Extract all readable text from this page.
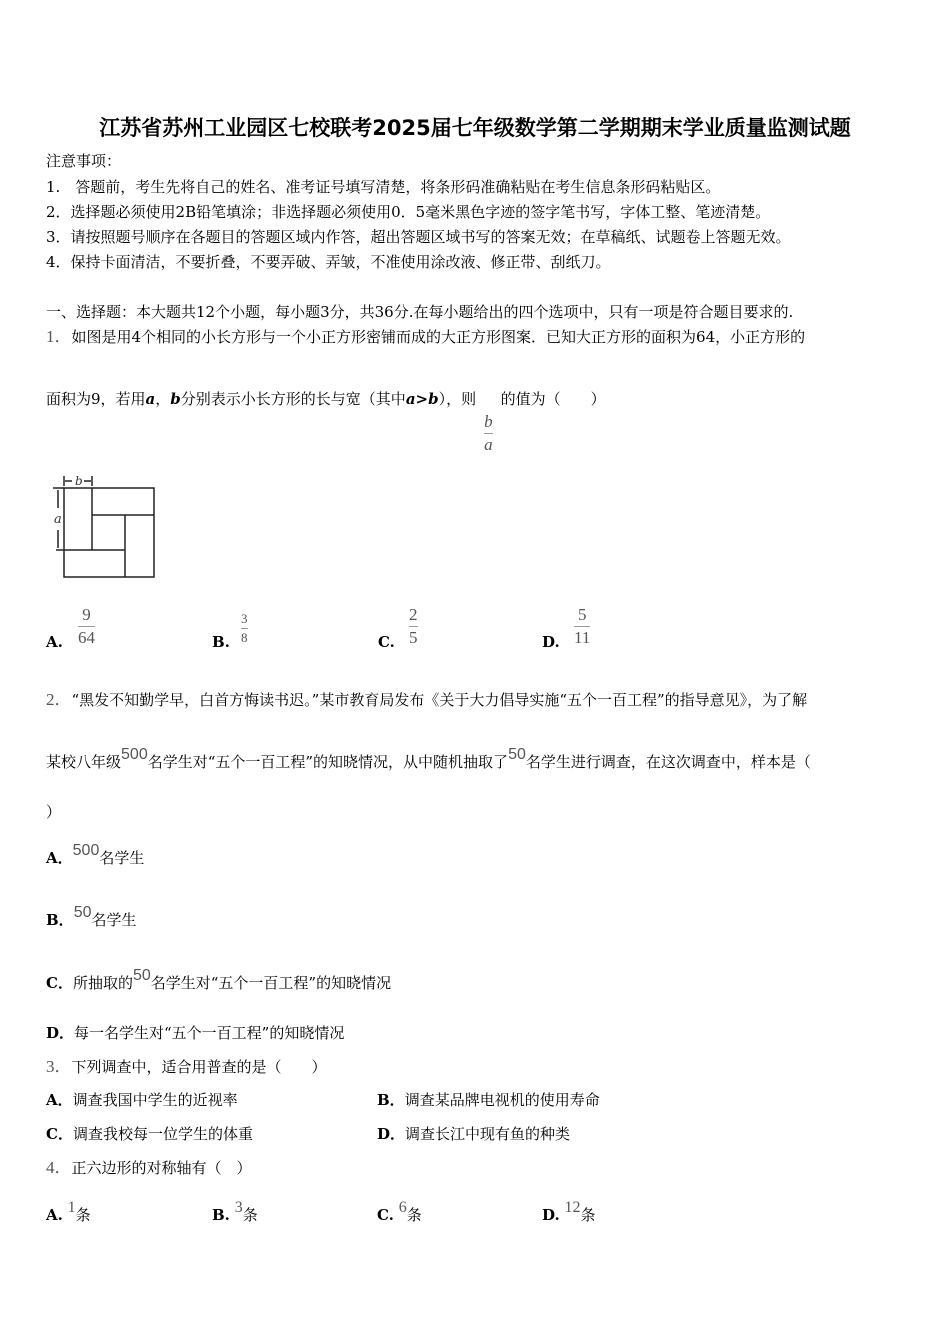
江苏省苏州工业园区七校联考2025届七年级数学第二学期期末学业质量监测试题
注意事项：
1.　答题前，考生先将自己的姓名、准考证号填写清楚，将条形码准确粘贴在考生信息条形码粘贴区。
2．选择题必须使用2B铅笔填涂；非选择题必须使用0．5毫米黑色字迹的签字笔书写，字体工整、笔迹清楚。
3．请按照题号顺序在各题目的答题区域内作答，超出答题区域书写的答案无效；在草稿纸、试题卷上答题无效。
4．保持卡面清洁，不要折叠，不要弄破、弄皱，不准使用涂改液、修正带、刮纸刀。
一、选择题：本大题共12个小题，每小题3分，共36分.在每小题给出的四个选项中，只有一项是符合题目要求的.
1．如图是用4个相同的小长方形与一个小正方形密铺而成的大正方形图案．已知大正方形的面积为64，小正方形的
面积为9，若用a，b分别表示小长方形的长与宽（其中a>b），则
$\frac{b}{a}$
的值为（　　）
a
b
A.
9
64	B.
3
8	C.
2
5	D.
5
11
2．“黑发不知勤学早，白首方悔读书迟。”某市教育局发布《关于大力倡导实施“五个一百工程”的指导意见》，为了解
某校八年级500名学生对“五个一百工程”的知晓情况，从中随机抽取了50名学生进行调查，在这次调查中，样本是（
）
A．500名学生
B．50名学生
C．所抽取的50名学生对“五个一百工程”的知晓情况
D．每一名学生对“五个一百工程”的知晓情况
3．下列调查中，适合用普查的是（　　）
A．调查我国中学生的近视率	B．调查某品牌电视机的使用寿命
C．调查我校每一位学生的体重	D．调查长江中现有鱼的种类
4．正六边形的对称轴有（　）
A. 1条	B. 3条	C. 6条	D. 12条
